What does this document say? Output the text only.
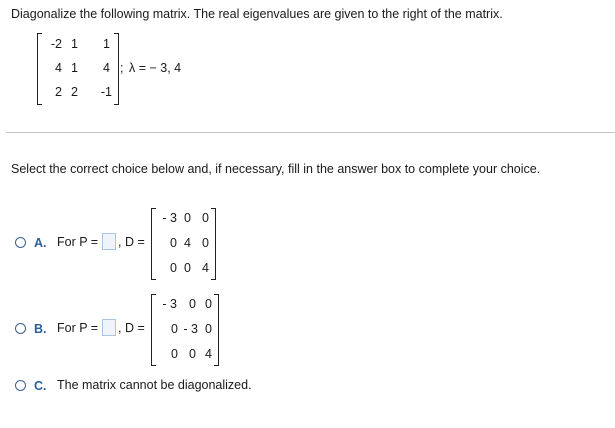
Diagonalize the following matrix. The real eigenvalues are given to the right of the matrix.
-2 1	1
4 1	4
2 2	-1
; λ = − 3, 4
Select the correct choice below and, if necessary, fill in the answer box to complete your choice.
A. For P = , D =
- 3 0 0
0 4 0
0 0 4
B. For P = , D =
- 3 0 0
0 - 3 0
0 0 4
C. The matrix cannot be diagonalized.
